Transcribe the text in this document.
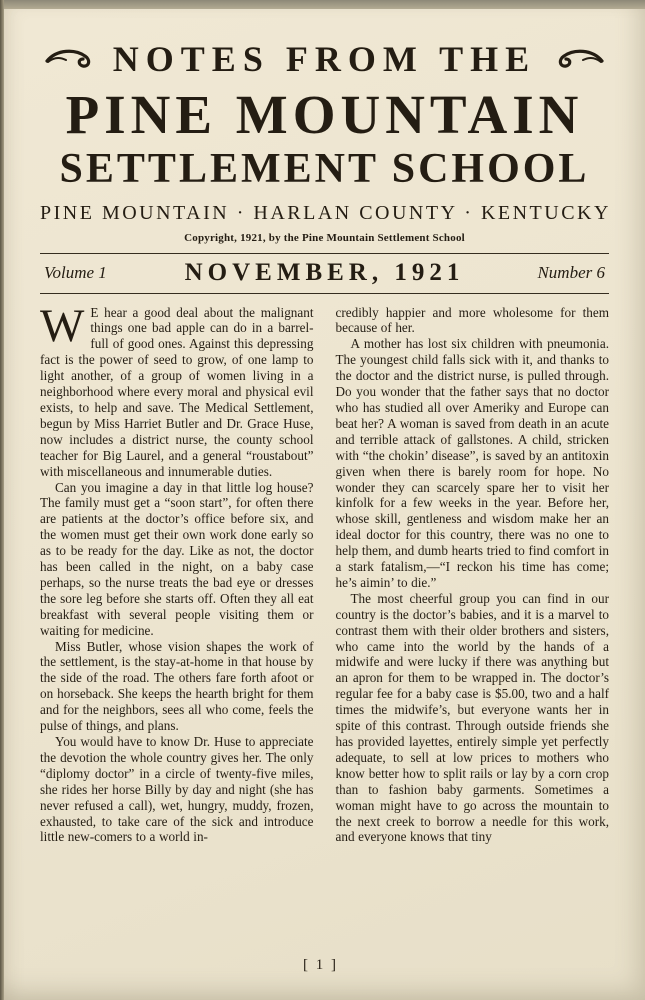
NOTES FROM THE
PINE MOUNTAIN
SETTLEMENT SCHOOL
PINE MOUNTAIN · HARLAN COUNTY · KENTUCKY
Copyright, 1921, by the Pine Mountain Settlement School
Volume 1	NOVEMBER, 1921	Number 6

W E hear a good deal about the malignant things one bad apple can do in a barrel-full of good ones. Against this depressing fact is the power of seed to grow, of one lamp to light another, of a group of women living in a neighborhood where every moral and physical evil exists, to help and save. The Medical Settlement, begun by Miss Harriet Butler and Dr. Grace Huse, now includes a district nurse, the county school teacher for Big Laurel, and a general “roustabout” with miscellaneous and innumerable duties.

Can you imagine a day in that little log house? The family must get a “soon start”, for often there are patients at the doctor’s office before six, and the women must get their own work done early so as to be ready for the day. Like as not, the doctor has been called in the night, on a baby case perhaps, so the nurse treats the bad eye or dresses the sore leg before she starts off. Often they all eat breakfast with several people visiting them or waiting for medicine.

Miss Butler, whose vision shapes the work of the settlement, is the stay-at-home in that house by the side of the road. The others fare forth afoot or on horseback. She keeps the hearth bright for them and for the neighbors, sees all who come, feels the pulse of things, and plans.

You would have to know Dr. Huse to appreciate the devotion the whole country gives her. The only “diplomy doctor” in a circle of twenty-five miles, she rides her horse Billy by day and night (she has never refused a call), wet, hungry, muddy, frozen, exhausted, to take care of the sick and introduce little new-comers to a world in-

credibly happier and more wholesome for them because of her.

A mother has lost six children with pneumonia. The youngest child falls sick with it, and thanks to the doctor and the district nurse, is pulled through. Do you wonder that the father says that no doctor who has studied all over Ameriky and Europe can beat her? A woman is saved from death in an acute and terrible attack of gallstones. A child, stricken with “the chokin’ disease”, is saved by an antitoxin given when there is barely room for hope. No wonder they can scarcely spare her to visit her kinfolk for a few weeks in the year. Before her, whose skill, gentleness and wisdom make her an ideal doctor for this country, there was no one to help them, and dumb hearts tried to find comfort in a stark fatalism,—“I reckon his time has come; he’s aimin’ to die.”

The most cheerful group you can find in our country is the doctor’s babies, and it is a marvel to contrast them with their older brothers and sisters, who came into the world by the hands of a midwife and were lucky if there was anything but an apron for them to be wrapped in. The doctor’s regular fee for a baby case is $5.00, two and a half times the midwife’s, but everyone wants her in spite of this contrast. Through outside friends she has provided layettes, entirely simple yet perfectly adequate, to sell at low prices to mothers who know better how to split rails or lay by a corn crop than to fashion baby garments. Sometimes a woman might have to go across the mountain to the next creek to borrow a needle for this work, and everyone knows that tiny

[ 1 ]
